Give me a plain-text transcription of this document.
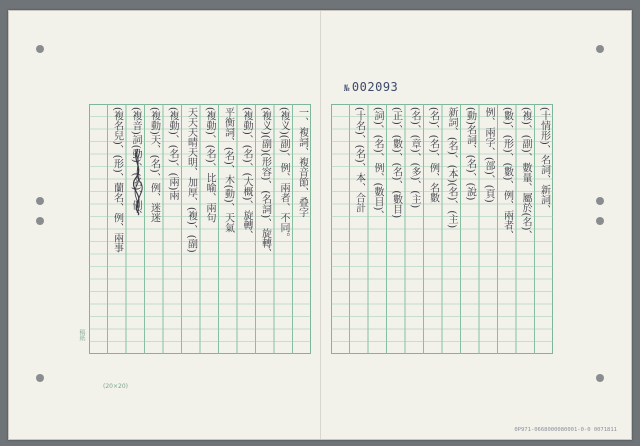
№ 002093
稿紙
(20×20)
一、複詞、複音節、叠字
(複义)(副)、例、兩者、不同。
(複义)(副)(形容)、(名詞)、旋轉、
(複動)、(名)、(大概)、旋轉、
平衡詞、(名)、木(動)、天氣
(複動)、(名)、比喻、兩句
天天天晴天明、加厚、(複)、(副)
(複動)、(名)、(兩)兩
(複動)天、(名)、例、迷迷
(複音)詞(動)、(名)、例、
(複名兒)、(形)、蘭名、例、兩事	(十情形)、名詞、新詞、
(複)、(副)、數量、屬於(名)、
(數)、(形)、(數)、例、兩者、
例、兩字、(部)、(頁)
(動)名詞、(名)、(說)
新詞、(名)、(本)(名)、(主)
(名)、(名)、例、名數
(名)、(章)、(多)、(主)
(正)、(數)、(名)、(數目)
(詞)、(名)、例、(數目)、
(十名)、(名)、本、合計
0P971-0668000080001-0-0 0071811
